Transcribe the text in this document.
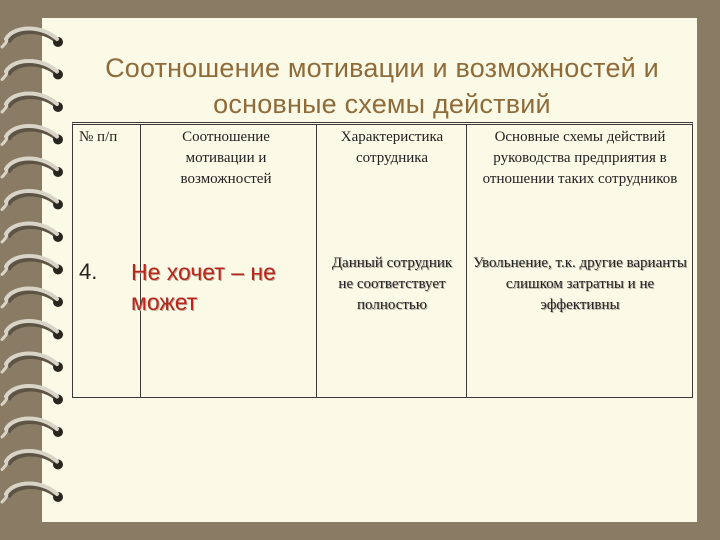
Соотношение мотивации и возможностей и основные схемы действий
№ п/п	Соотношение мотивации и возможностей
Характеристика сотрудника
Основные схемы действий руководства предприятия в отношении таких сотрудников
4. Не хочет – не может
Данный сотрудник не соответствует полностью
Увольнение, т.к. другие варианты слишком затратны и не эффективны
